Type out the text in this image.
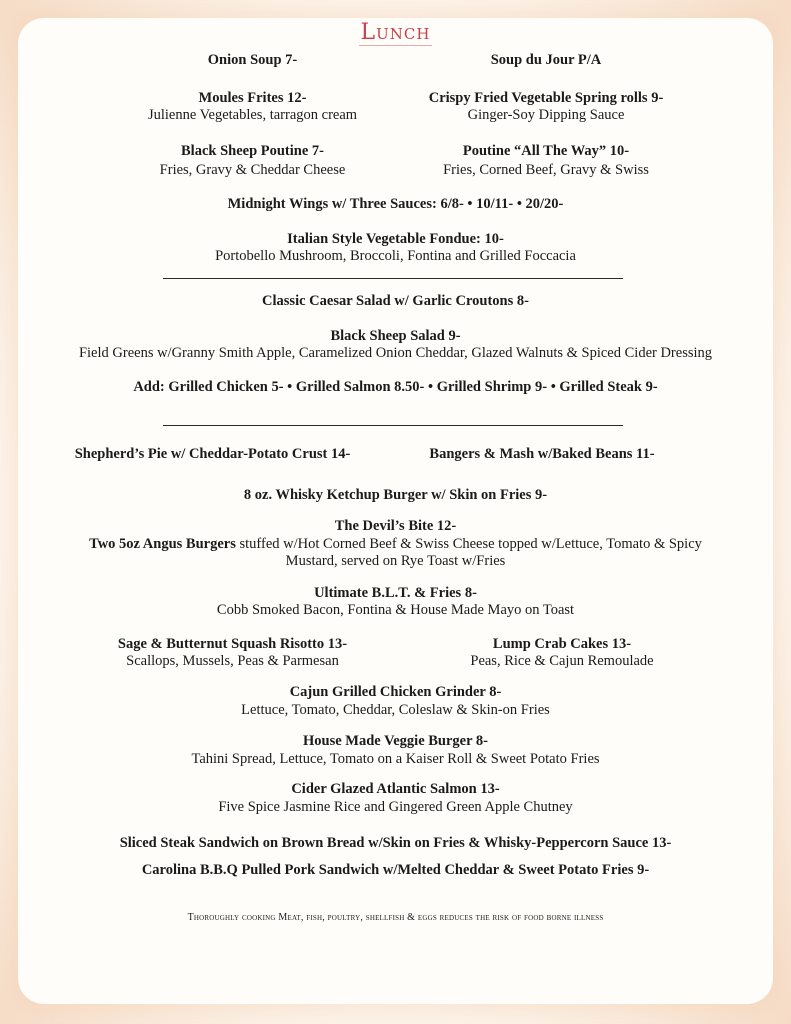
Lunch
Onion Soup 7-	Soup du Jour P/A
Moules Frites 12-
Julienne Vegetables, tarragon cream
Crispy Fried Vegetable Spring rolls 9-
Ginger-Soy Dipping Sauce
Black Sheep Poutine 7-
Fries, Gravy & Cheddar Cheese
Poutine “All The Way” 10-
Fries, Corned Beef, Gravy & Swiss
Midnight Wings w/ Three Sauces: 6/8- • 10/11- • 20/20-
Italian Style Vegetable Fondue: 10-
Portobello Mushroom, Broccoli, Fontina and Grilled Foccacia
Classic Caesar Salad w/ Garlic Croutons 8-
Black Sheep Salad 9-
Field Greens w/Granny Smith Apple, Caramelized Onion Cheddar, Glazed Walnuts & Spiced Cider Dressing
Add: Grilled Chicken 5- • Grilled Salmon 8.50- • Grilled Shrimp 9- • Grilled Steak 9-
Shepherd’s Pie w/ Cheddar-Potato Crust 14-	Bangers & Mash w/Baked Beans 11-
8 oz. Whisky Ketchup Burger w/ Skin on Fries 9-
The Devil’s Bite 12-
Two 5oz Angus Burgers stuffed w/Hot Corned Beef & Swiss Cheese topped w/Lettuce, Tomato & Spicy
Mustard, served on Rye Toast w/Fries
Ultimate B.L.T. & Fries 8-
Cobb Smoked Bacon, Fontina & House Made Mayo on Toast
Sage & Butternut Squash Risotto 13-
Scallops, Mussels, Peas & Parmesan
Lump Crab Cakes 13-
Peas, Rice & Cajun Remoulade
Cajun Grilled Chicken Grinder 8-
Lettuce, Tomato, Cheddar, Coleslaw & Skin-on Fries
House Made Veggie Burger 8-
Tahini Spread, Lettuce, Tomato on a Kaiser Roll & Sweet Potato Fries
Cider Glazed Atlantic Salmon 13-
Five Spice Jasmine Rice and Gingered Green Apple Chutney
Sliced Steak Sandwich on Brown Bread w/Skin on Fries & Whisky-Peppercorn Sauce 13-
Carolina B.B.Q Pulled Pork Sandwich w/Melted Cheddar & Sweet Potato Fries 9-
Thoroughly cooking Meat, fish, poultry, shellfish & eggs reduces the risk of food borne illness
